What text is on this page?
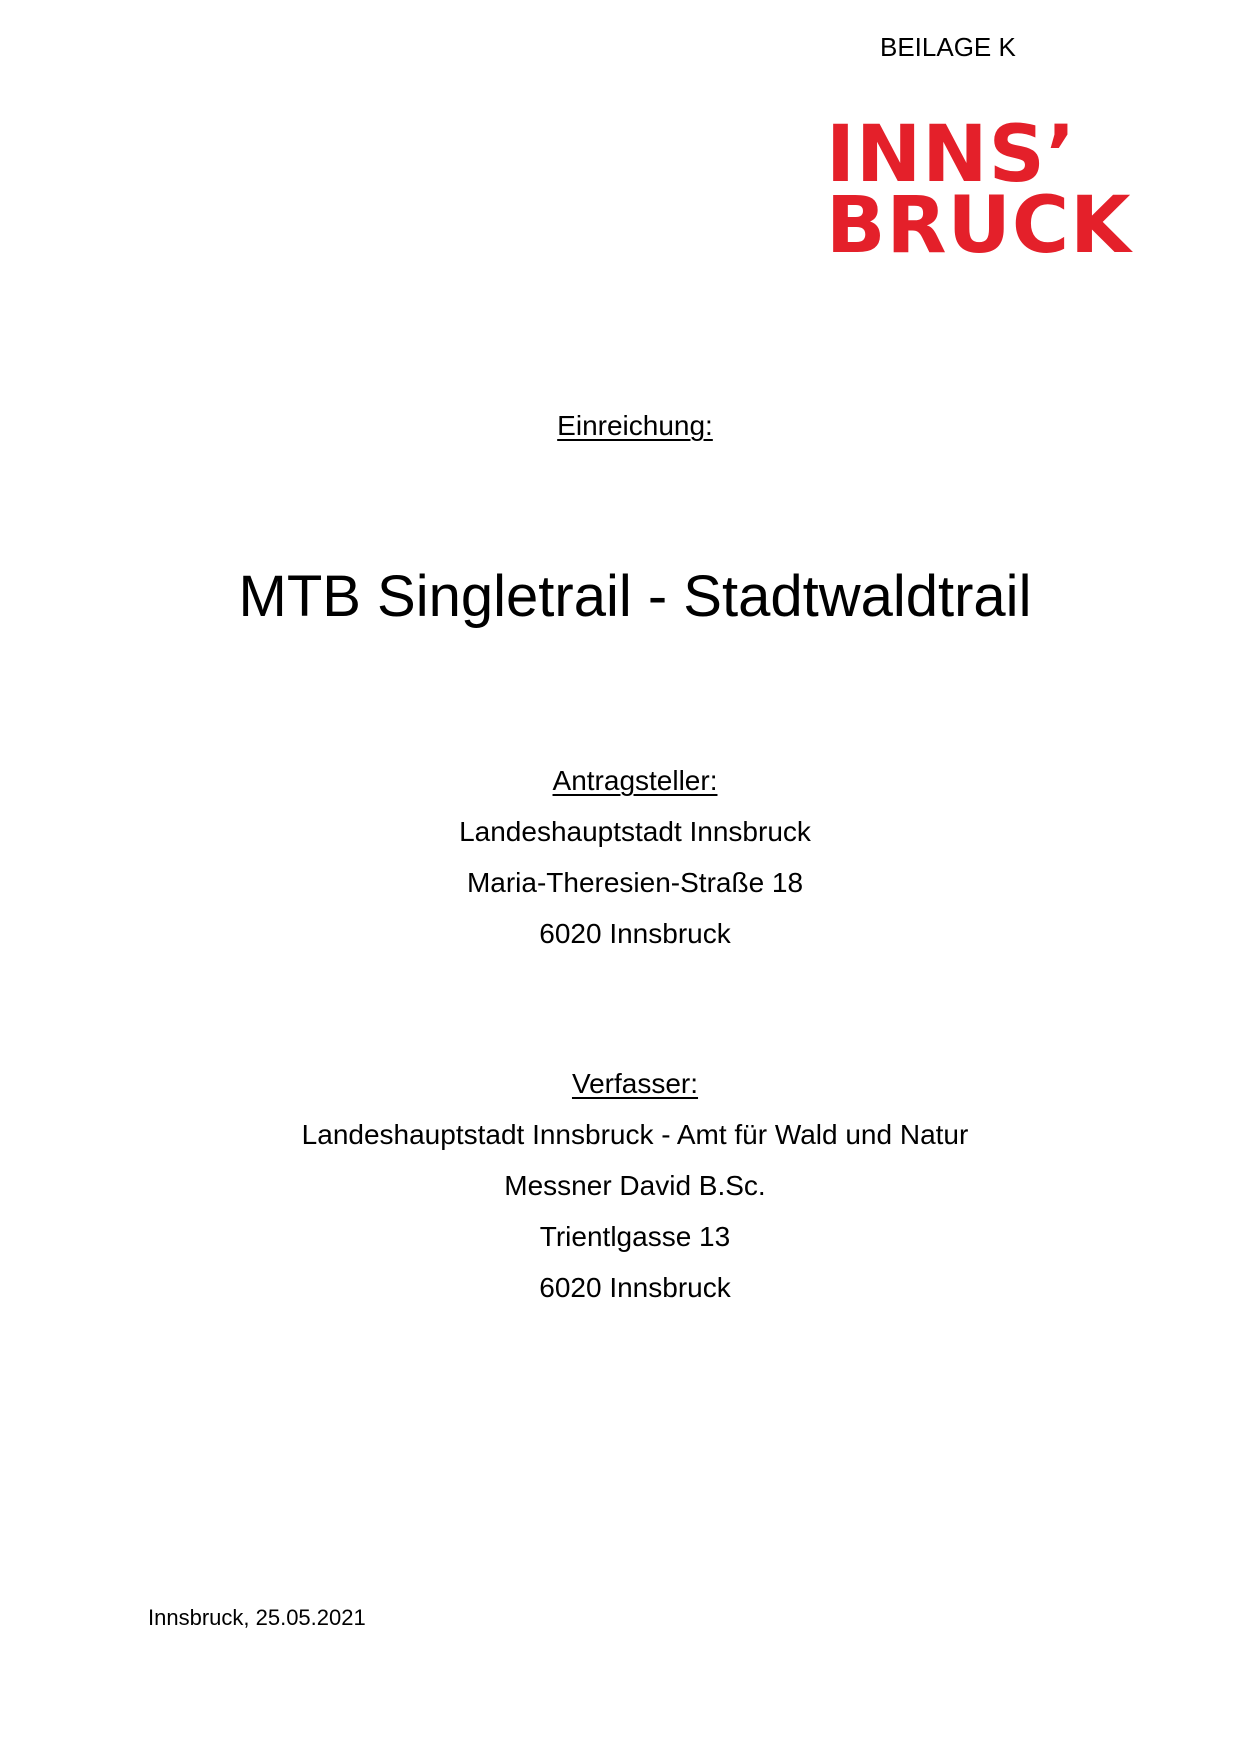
BEILAGE K
INNS’
BRUCK
Einreichung:
MTB Singletrail - Stadtwaldtrail
Antragsteller:
Landeshauptstadt Innsbruck
Maria-Theresien-Straße 18
6020 Innsbruck
Verfasser:
Landeshauptstadt Innsbruck - Amt für Wald und Natur
Messner David B.Sc.
Trientlgasse 13
6020 Innsbruck
Innsbruck, 25.05.2021
